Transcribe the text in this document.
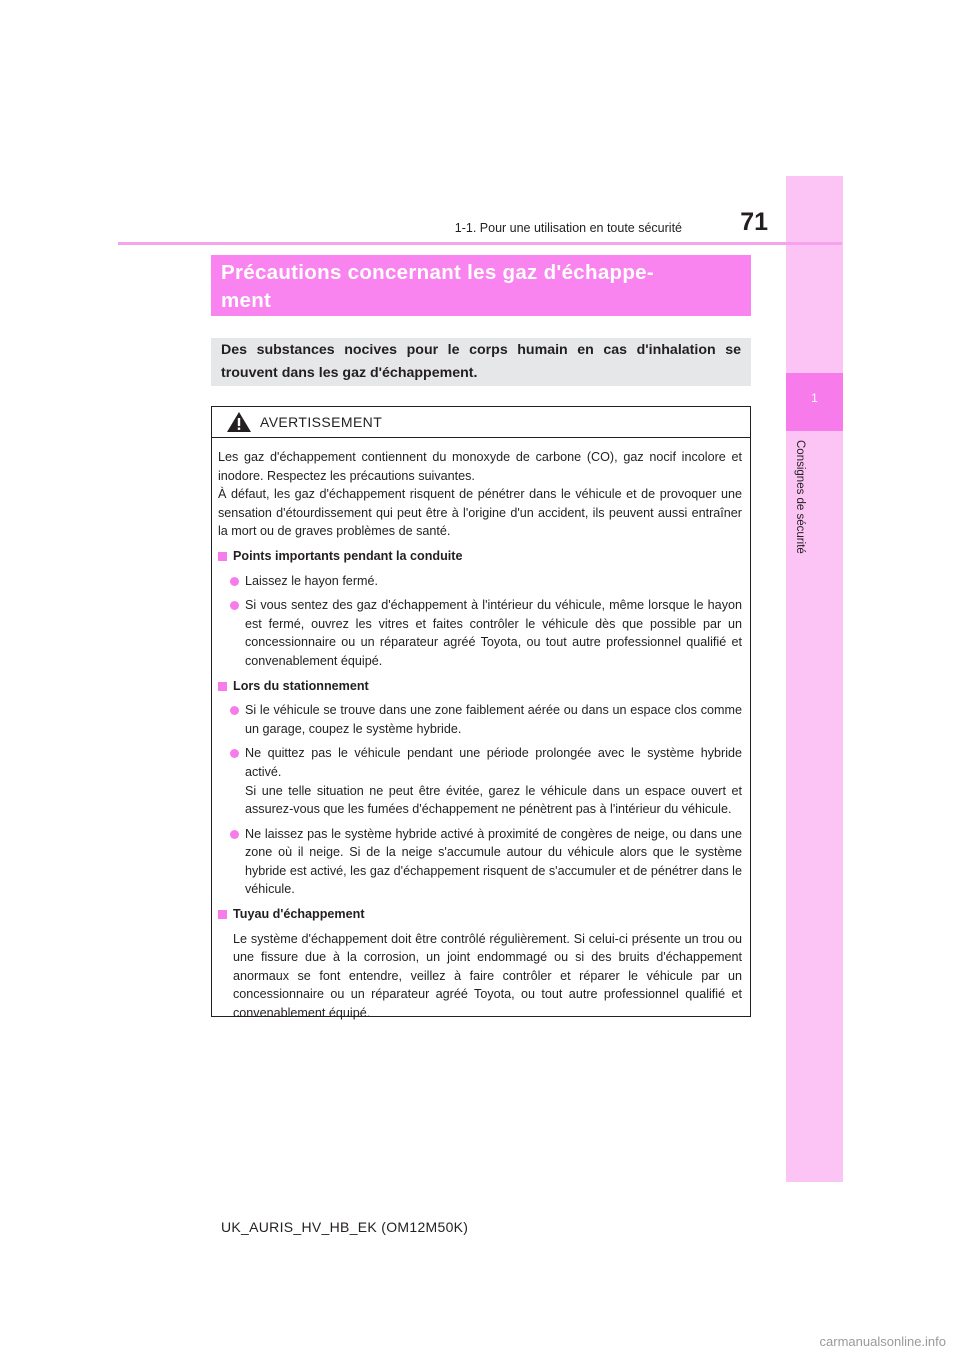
1
Consignes de sécurité
1-1. Pour une utilisation en toute sécurité	71
Précautions concernant les gaz d'échappe-
ment

Des substances nocives pour le corps humain en cas d'inhalation se trouvent dans les gaz d'échappement.

AVERTISSEMENT

Les gaz d'échappement contiennent du monoxyde de carbone (CO), gaz nocif incolore et inodore. Respectez les précautions suivantes.

À défaut, les gaz d'échappement risquent de pénétrer dans le véhicule et de provoquer une sensation d'étourdissement qui peut être à l'origine d'un accident, ils peuvent aussi entraîner la mort ou de graves problèmes de santé.

Points importants pendant la conduite

Laissez le hayon fermé.

Si vous sentez des gaz d'échappement à l'intérieur du véhicule, même lorsque le hayon est fermé, ouvrez les vitres et faites contrôler le véhicule dès que possible par un concessionnaire ou un réparateur agréé Toyota, ou tout autre professionnel qualifié et convenablement équipé.

Lors du stationnement

Si le véhicule se trouve dans une zone faiblement aérée ou dans un espace clos comme un garage, coupez le système hybride.

Ne quittez pas le véhicule pendant une période prolongée avec le système hybride activé.

Si une telle situation ne peut être évitée, garez le véhicule dans un espace ouvert et assurez-vous que les fumées d'échappement ne pénètrent pas à l'intérieur du véhicule.

Ne laissez pas le système hybride activé à proximité de congères de neige, ou dans une zone où il neige. Si de la neige s'accumule autour du véhicule alors que le système hybride est activé, les gaz d'échappement risquent de s'accumuler et de pénétrer dans le véhicule.

Tuyau d'échappement

Le système d'échappement doit être contrôlé régulièrement. Si celui-ci présente un trou ou une fissure due à la corrosion, un joint endommagé ou si des bruits d'échappement anormaux se font entendre, veillez à faire contrôler et réparer le véhicule par un concessionnaire ou un réparateur agréé Toyota, ou tout autre professionnel qualifié et convenablement équipé.

UK_AURIS_HV_HB_EK (OM12M50K)
carmanualsonline.info
